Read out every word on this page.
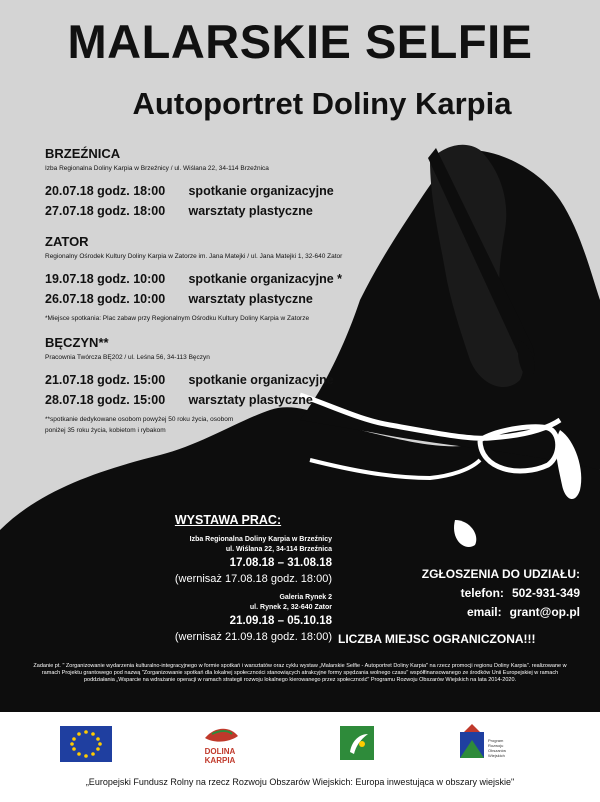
MALARSKIE SELFIE
Autoportret Doliny Karpia
BRZEŹNICA
Izba Regionalna Doliny Karpia w Brzeźnicy / ul. Wiślana 22, 34-114 Brzeźnica
20.07.18 godz. 18:00 spotkanie organizacyjne
27.07.18 godz. 18:00 warsztaty plastyczne
ZATOR
Regionalny Ośrodek Kultury Doliny Karpia w Zatorze im. Jana Matejki / ul. Jana Matejki 1, 32-640 Zator
19.07.18 godz. 10:00 spotkanie organizacyjne *
26.07.18 godz. 10:00 warsztaty plastyczne
*Miejsce spotkania: Plac zabaw przy Regionalnym Ośrodku Kultury Doliny Karpia w Zatorze
BĘCZYN**
Pracownia Twórcza BĘ202 / ul. Leśna 56, 34-113 Bęczyn
21.07.18 godz. 15:00 spotkanie organizacyjne
28.07.18 godz. 15:00 warsztaty plastyczne
**spotkanie dedykowane osobom powyżej 50 roku życia, osobom poniżej 35 roku życia, kobietom i rybakom
WYSTAWA PRAC:
Izba Regionalna Doliny Karpia w Brzeźnicy
ul. Wiślana 22, 34-114 Brzeźnica
17.08.18 – 31.08.18
(wernisaż 17.08.18 godz. 18:00)
Galeria Rynek 2
ul. Rynek 2, 32-640 Zator
21.09.18 – 05.10.18
(wernisaż 21.09.18 godz. 18:00)
ZGŁOSZENIA DO UDZIAŁU:
telefon: 502-931-349
email: grant@op.pl
LICZBA MIEJSC OGRANICZONA!!!
Zadanie pt. " Zorganizowanie wydarzenia kulturalno-integracyjnego w formie spotkań i warsztatów oraz cyklu wystaw „Malarskie Selfie - Autoportret Doliny Karpia" na rzecz promocji regionu Doliny Karpia". realizowane w ramach Projektu grantowego pod nazwą "Zorganizowanie spotkań dla lokalnej społeczności stanowiących atrakcyjne formy spędzania wolnego czasu" współfinansowanego ze środków Unii Europejskiej w ramach poddziałania „Wsparcie na wdrażanie operacji w ramach strategii rozwoju lokalnego kierowanego przez społeczność" Programu Rozwoju Obszarów Wiejskich na lata 2014-2020.
DOLINA
KARPIA
Program
Rozwoju
Obszarów
Wiejskich
„Europejski Fundusz Rolny na rzecz Rozwoju Obszarów Wiejskich: Europa inwestująca w obszary wiejskie"
